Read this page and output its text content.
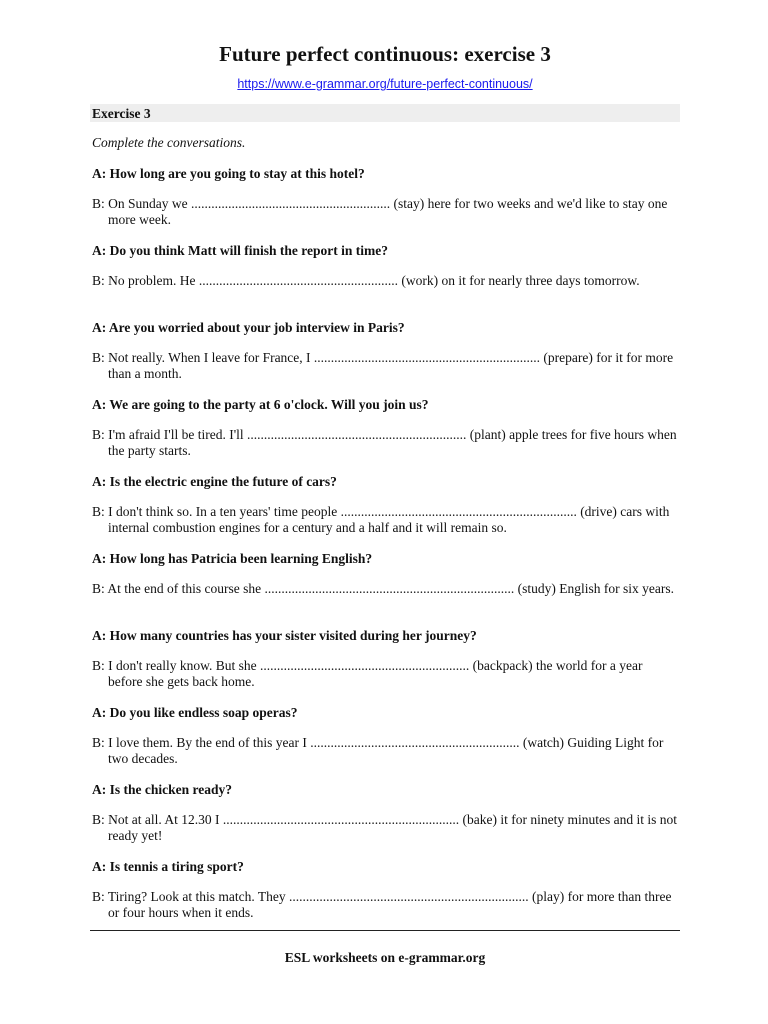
Future perfect continuous: exercise 3
https://www.e-grammar.org/future-perfect-continuous/
Exercise 3
Complete the conversations.
A: How long are you going to stay at this hotel?
B: On Sunday we ........................................................... (stay) here for two weeks and we'd like to stay one more week.
A: Do you think Matt will finish the report in time?
B: No problem. He ........................................................... (work) on it for nearly three days tomorrow.
A: Are you worried about your job interview in Paris?
B: Not really. When I leave for France, I ................................................................... (prepare) for it for more than a month.
A: We are going to the party at 6 o'clock. Will you join us?
B: I'm afraid I'll be tired. I'll ................................................................. (plant) apple trees for five hours when the party starts.
A: Is the electric engine the future of cars?
B: I don't think so. In a ten years' time people ...................................................................... (drive) cars with internal combustion engines for a century and a half and it will remain so.
A: How long has Patricia been learning English?
B: At the end of this course she .......................................................................... (study) English for six years.
A: How many countries has your sister visited during her journey?
B: I don't really know. But she .............................................................. (backpack) the world for a year before she gets back home.
A: Do you like endless soap operas?
B: I love them. By the end of this year I .............................................................. (watch) Guiding Light for two decades.
A: Is the chicken ready?
B: Not at all. At 12.30 I ...................................................................... (bake) it for ninety minutes and it is not ready yet!
A: Is tennis a tiring sport?
B: Tiring? Look at this match. They ....................................................................... (play) for more than three or four hours when it ends.
ESL worksheets on e-grammar.org
